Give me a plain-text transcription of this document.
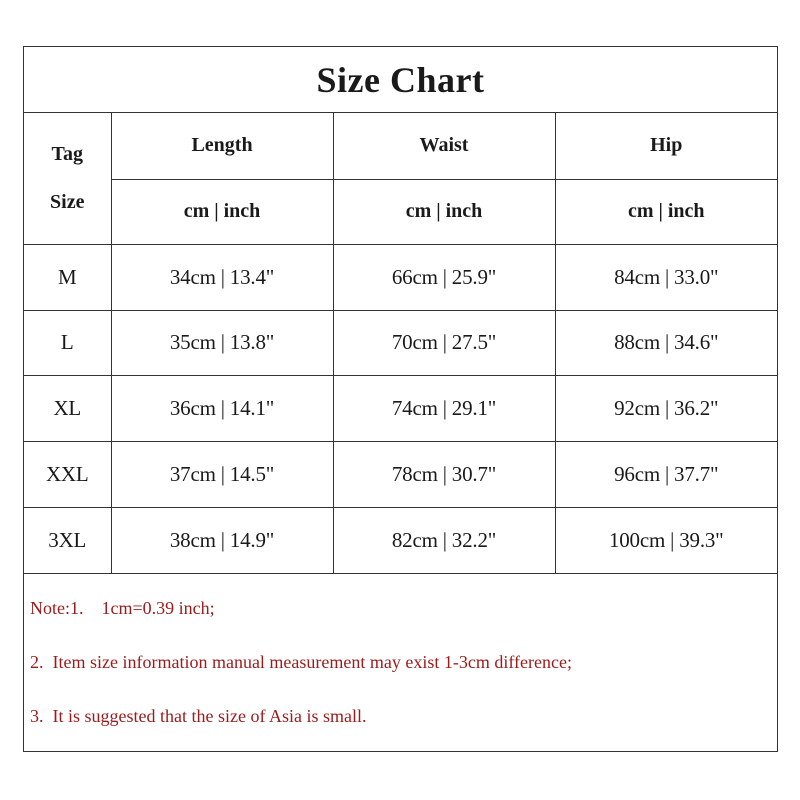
Size Chart
Tag
Size	Length	Waist	Hip
	cm | inch	cm | inch	cm | inch
M	34cm | 13.4"	66cm | 25.9"	84cm | 33.0"
L	35cm | 13.8"	70cm | 27.5"	88cm | 34.6"
XL	36cm | 14.1"	74cm | 29.1"	92cm | 36.2"
XXL	37cm | 14.5"	78cm | 30.7"	96cm | 37.7"
3XL	38cm | 14.9"	82cm | 32.2"	100cm | 39.3"
Note:1.    1cm=0.39 inch;
2.  Item size information manual measurement may exist 1-3cm difference;
3.  It is suggested that the size of Asia is small.
